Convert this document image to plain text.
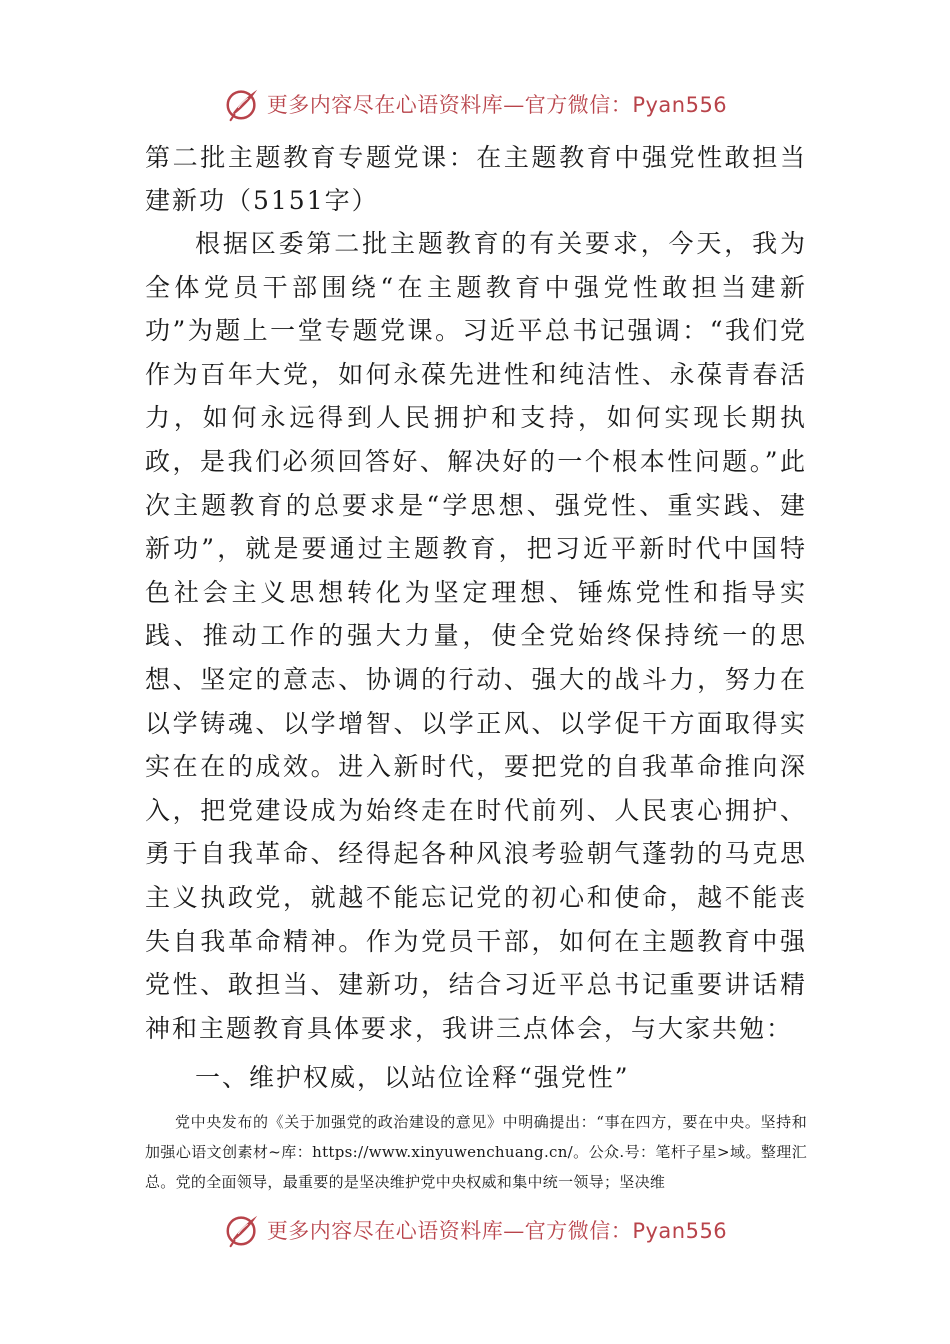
更多内容尽在心语资料库—官方微信：Pyan556

第二批主题教育专题党课：在主题教育中强党性敢担当建新功（5151字）

根据区委第二批主题教育的有关要求，今天，我为全体党员干部围绕“在主题教育中强党性敢担当建新功”为题上一堂专题党课。习近平总书记强调：“我们党作为百年大党，如何永葆先进性和纯洁性、永葆青春活力，如何永远得到人民拥护和支持，如何实现长期执政，是我们必须回答好、解决好的一个根本性问题。”此次主题教育的总要求是“学思想、强党性、重实践、建新功”，就是要通过主题教育，把习近平新时代中国特色社会主义思想转化为坚定理想、锤炼党性和指导实践、推动工作的强大力量，使全党始终保持统一的思想、坚定的意志、协调的行动、强大的战斗力，努力在以学铸魂、以学增智、以学正风、以学促干方面取得实实在在的成效。进入新时代，要把党的自我革命推向深入，把党建设成为始终走在时代前列、人民衷心拥护、勇于自我革命、经得起各种风浪考验朝气蓬勃的马克思主义执政党，就越不能忘记党的初心和使命，越不能丧失自我革命精神。作为党员干部，如何在主题教育中强党性、敢担当、建新功，结合习近平总书记重要讲话精神和主题教育具体要求，我讲三点体会，与大家共勉：

一、维护权威，以站位诠释“强党性”

党中央发布的《关于加强党的政治建设的意见》中明确提出：“事在四方，要在中央。坚持和加强心语文创素材~库：https://www.xinyuwenchuang.cn/。公众.号：笔杆子星>域。整理汇总。党的全面领导，最重要的是坚决维护党中央权威和集中统一领导；坚决维

更多内容尽在心语资料库—官方微信：Pyan556
